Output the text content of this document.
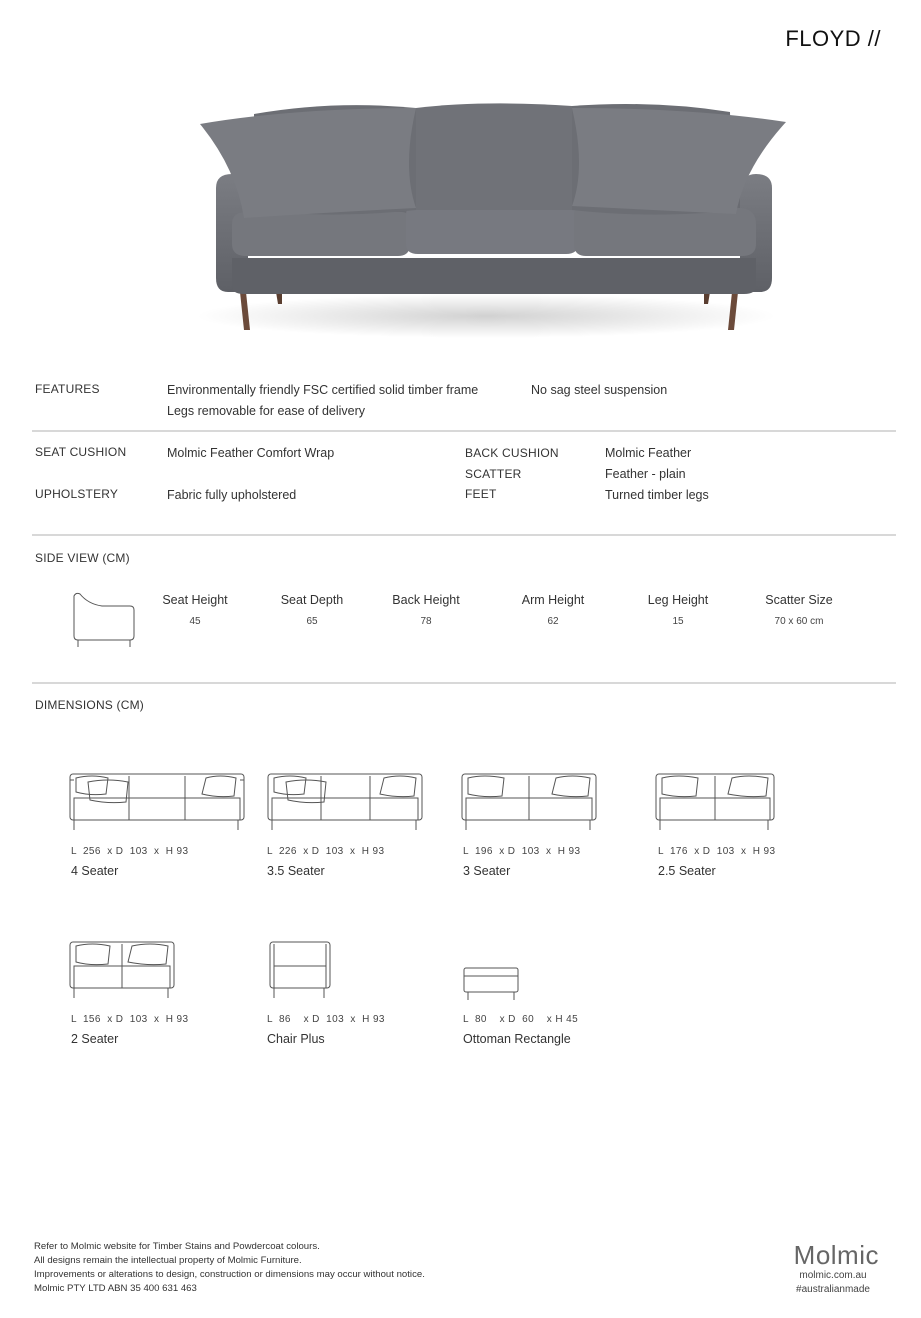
FLOYD //
FEATURES	Environmentally friendly FSC certified solid timber frame
Legs removable for ease of delivery
No sag steel suspension
SEAT CUSHION	Molmic Feather Comfort Wrap
UPHOLSTERY	Fabric fully upholstered
BACK CUSHION	Molmic Feather
SCATTER	Feather - plain
FEET	Turned timber legs
SIDE VIEW (CM)
Seat Height
45
Seat Depth
65
Back Height
78
Arm Height
62
Leg Height
15
Scatter Size
70 x 60 cm
DIMENSIONS (CM)
L  256  x D  103  x  H 93
4 Seater
L  226  x D  103  x  H 93
3.5 Seater
L  196  x D  103  x  H 93
3 Seater
L  176  x D  103  x  H 93
2.5 Seater
L  156  x D  103  x  H 93
2 Seater
L  86    x D  103  x  H 93
Chair Plus
L  80    x D  60    x H 45
Ottoman Rectangle
Refer to Molmic website for Timber Stains and Powdercoat colours.
All designs remain the intellectual property of Molmic Furniture.
Improvements or alterations to design, construction or dimensions may occur without notice.
Molmic PTY LTD ABN 35 400 631 463
Molmic
molmic.com.au
#australianmade
